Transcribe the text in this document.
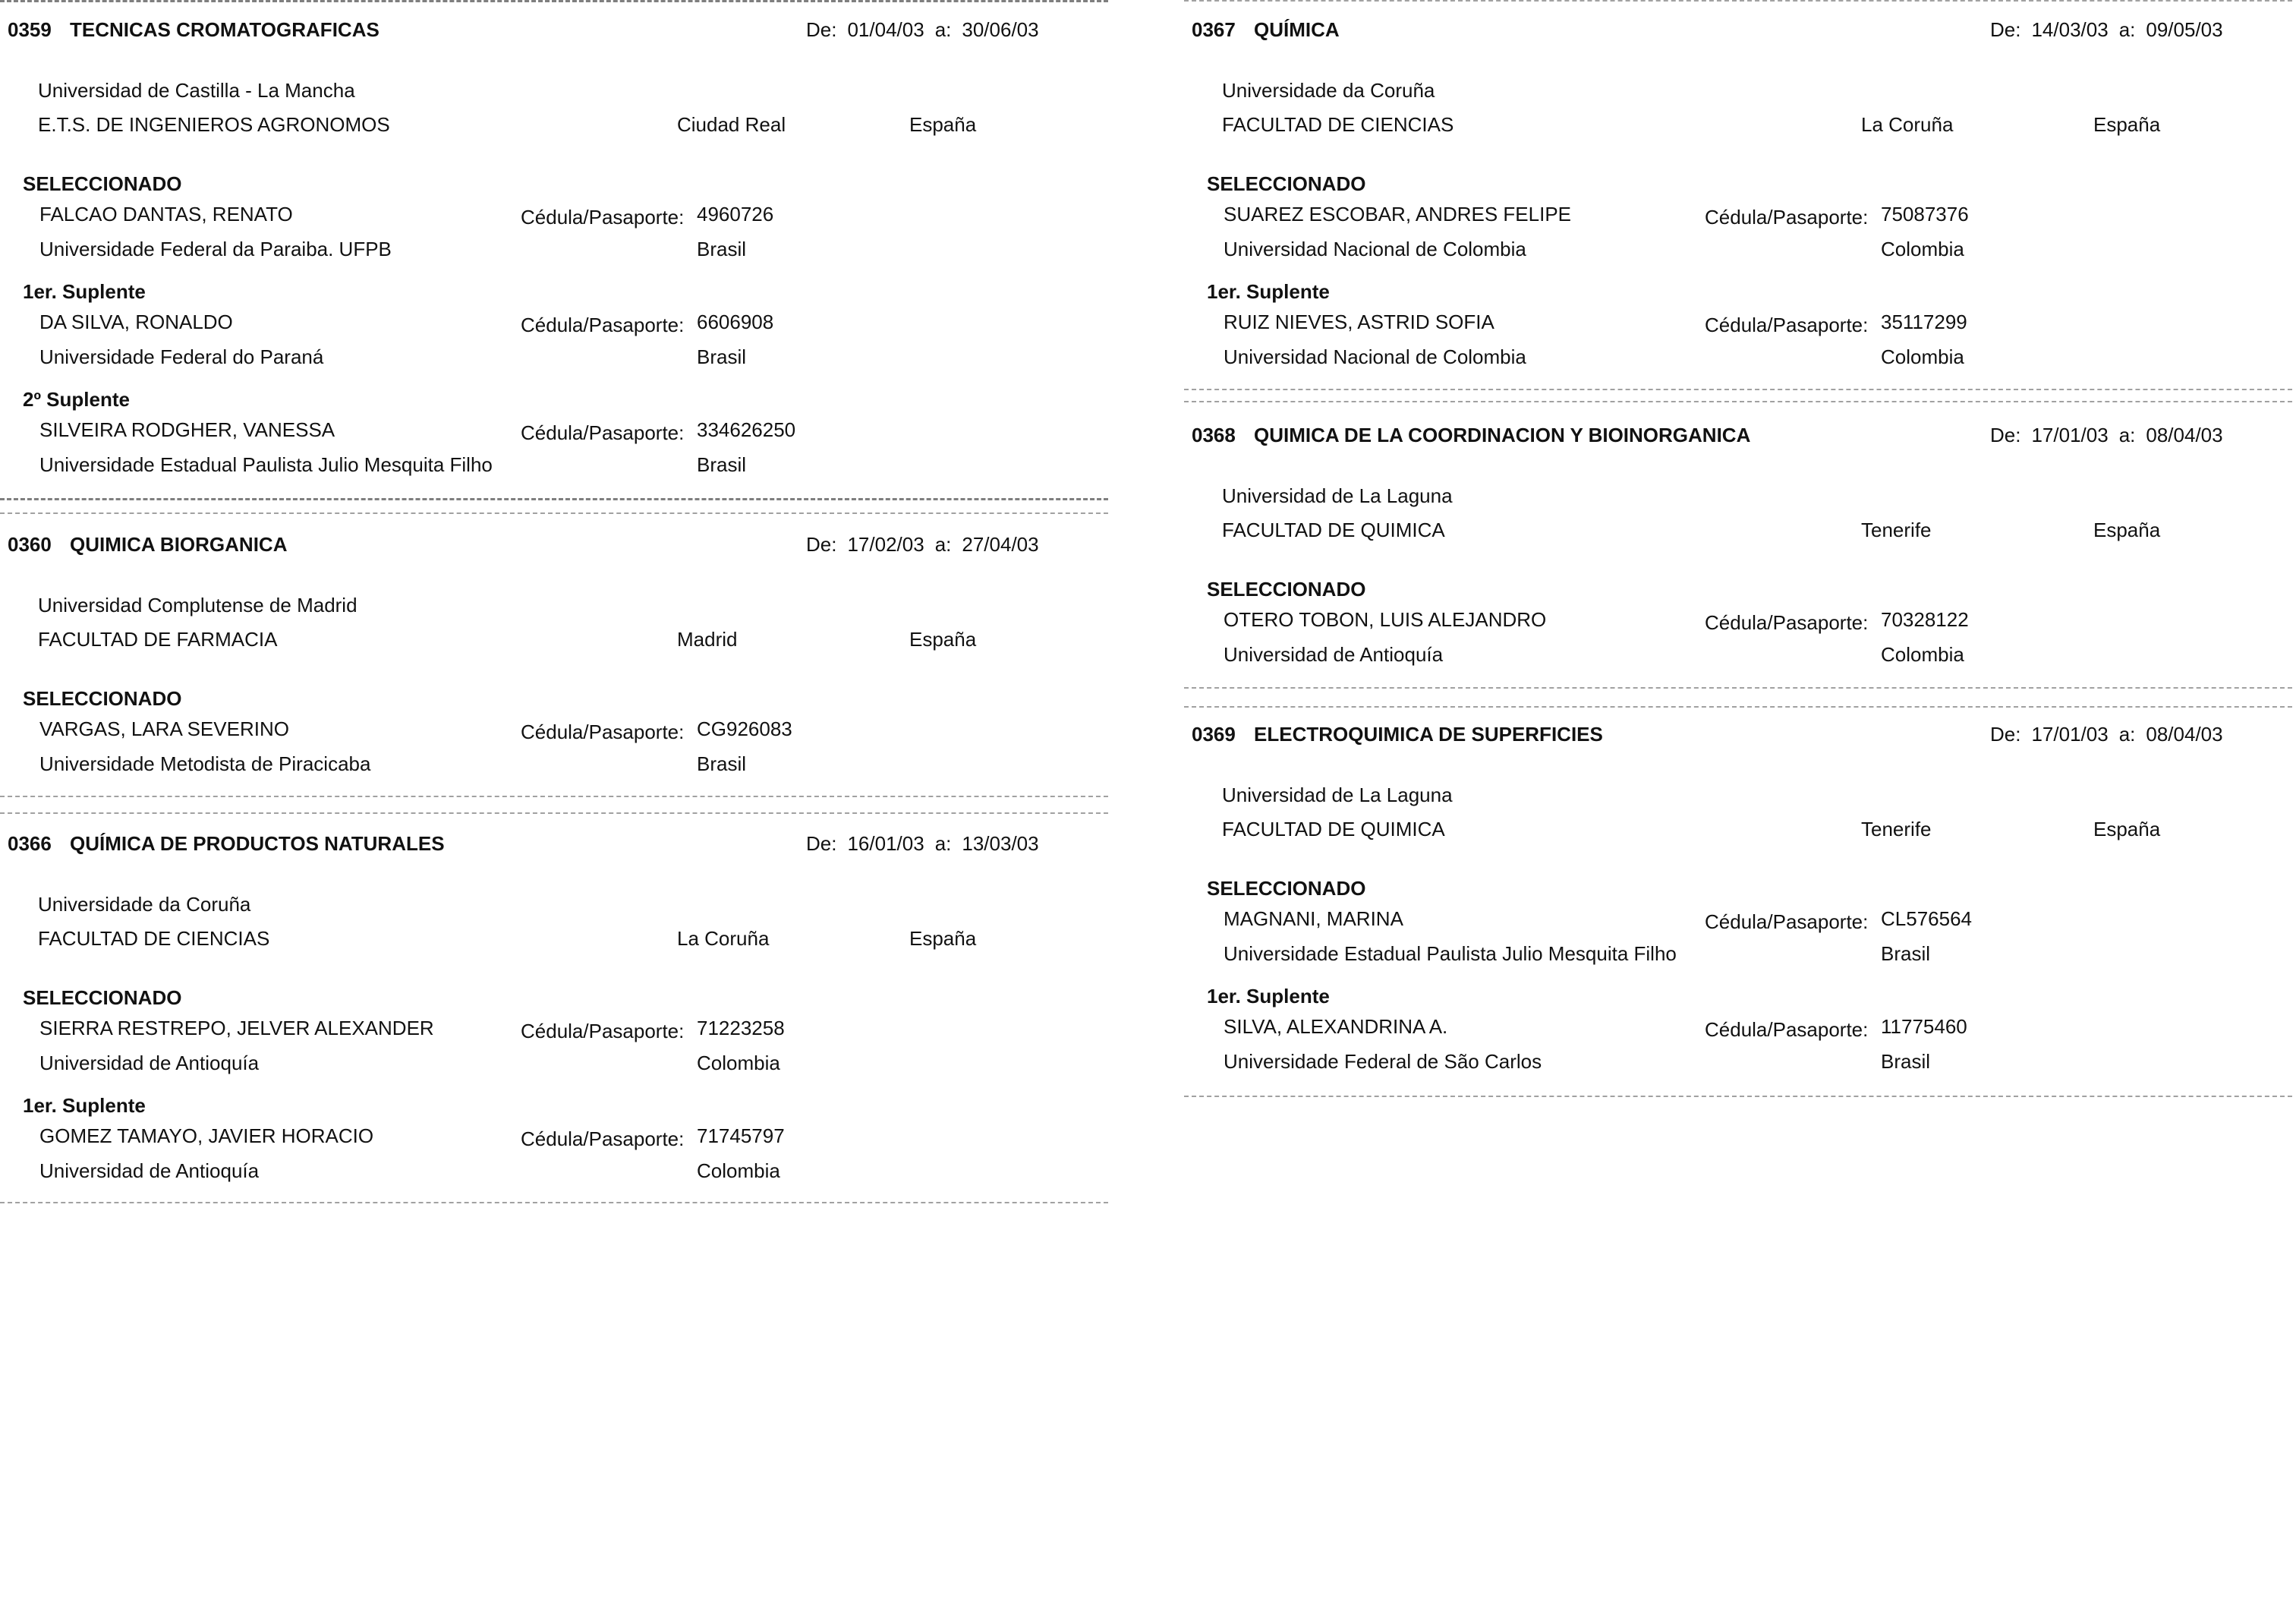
0359 TECNICAS CROMATOGRAFICAS	De: 01/04/03 a: 30/06/03
Universidad de Castilla - La Mancha
E.T.S. DE INGENIEROS AGRONOMOS	Ciudad Real	España
SELECCIONADO
FALCAO DANTAS, RENATO	Cédula/Pasaporte: 4960726
Universidade Federal da Paraiba. UFPB	Brasil
1er. Suplente
DA SILVA, RONALDO	Cédula/Pasaporte: 6606908
Universidade Federal do Paraná	Brasil
2º Suplente
SILVEIRA RODGHER, VANESSA	Cédula/Pasaporte: 334626250
Universidade Estadual Paulista Julio Mesquita Filho	Brasil
0360 QUIMICA BIORGANICA	De: 17/02/03 a: 27/04/03
Universidad Complutense de Madrid
FACULTAD DE FARMACIA	Madrid	España
SELECCIONADO
VARGAS, LARA SEVERINO	Cédula/Pasaporte: CG926083
Universidade Metodista de Piracicaba	Brasil
0366 QUÍMICA DE PRODUCTOS NATURALES	De: 16/01/03 a: 13/03/03
Universidade da Coruña
FACULTAD DE CIENCIAS	La Coruña	España
SELECCIONADO
SIERRA RESTREPO, JELVER ALEXANDER	Cédula/Pasaporte: 71223258
Universidad de Antioquía	Colombia
1er. Suplente
GOMEZ TAMAYO, JAVIER HORACIO	Cédula/Pasaporte: 71745797
Universidad de Antioquía	Colombia
0367 QUÍMICA	De: 14/03/03 a: 09/05/03
Universidade da Coruña
FACULTAD DE CIENCIAS	La Coruña	España
SELECCIONADO
SUAREZ ESCOBAR, ANDRES FELIPE	Cédula/Pasaporte: 75087376
Universidad Nacional de Colombia	Colombia
1er. Suplente
RUIZ NIEVES, ASTRID SOFIA	Cédula/Pasaporte: 35117299
Universidad Nacional de Colombia	Colombia
0368 QUIMICA DE LA COORDINACION Y BIOINORGANICA	De: 17/01/03 a: 08/04/03
Universidad de La Laguna
FACULTAD DE QUIMICA	Tenerife	España
SELECCIONADO
OTERO TOBON, LUIS ALEJANDRO	Cédula/Pasaporte: 70328122
Universidad de Antioquía	Colombia
0369 ELECTROQUIMICA DE SUPERFICIES	De: 17/01/03 a: 08/04/03
Universidad de La Laguna
FACULTAD DE QUIMICA	Tenerife	España
SELECCIONADO
MAGNANI, MARINA	Cédula/Pasaporte: CL576564
Universidade Estadual Paulista Julio Mesquita Filho	Brasil
1er. Suplente
SILVA, ALEXANDRINA A.	Cédula/Pasaporte: 11775460
Universidade Federal de São Carlos	Brasil
